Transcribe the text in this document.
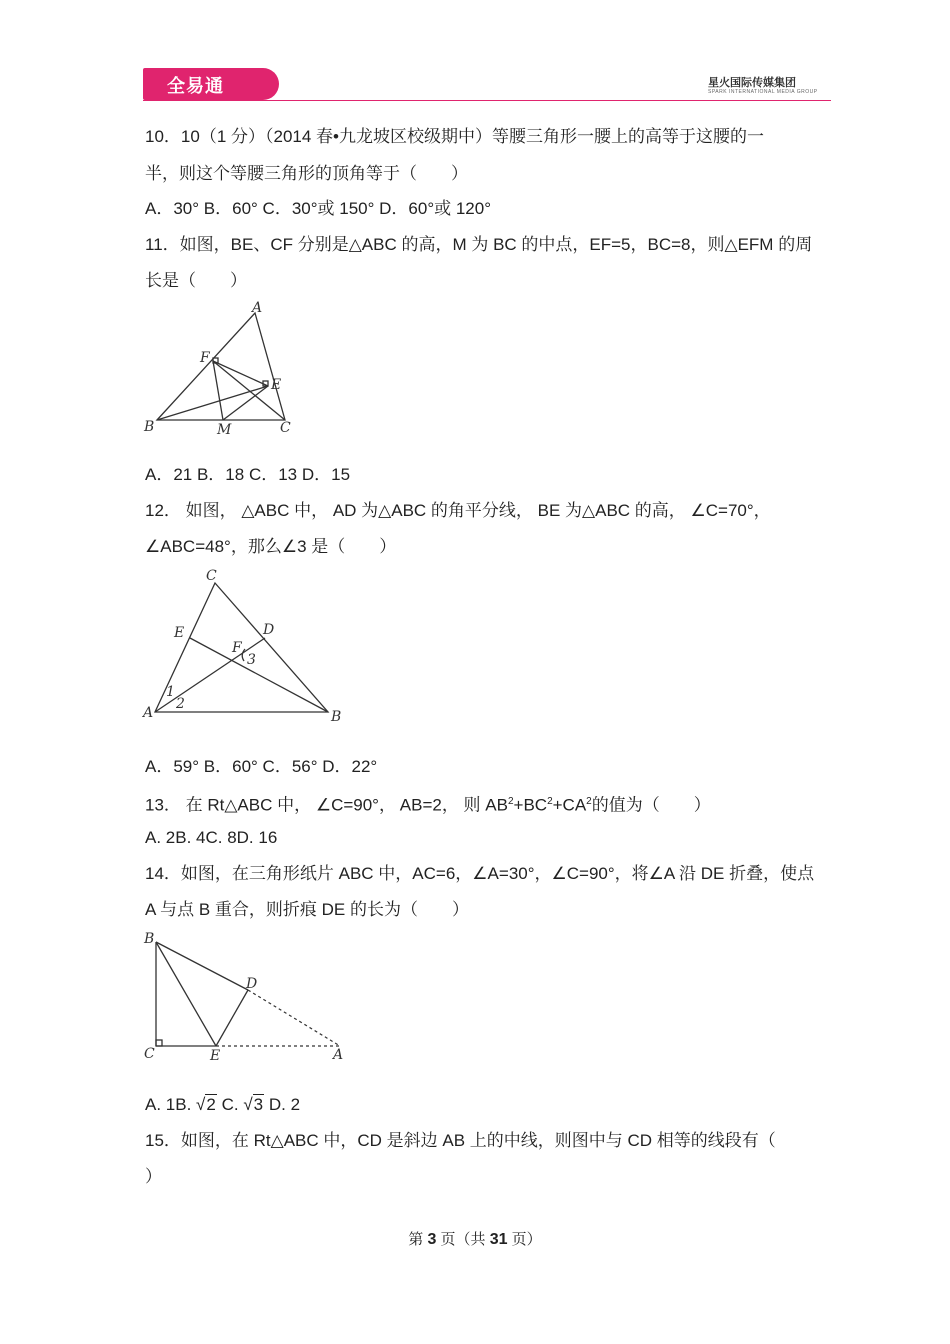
全易通	星火国际传媒集团
SPARK INTERNATIONAL MEDIA GROUP
10．10（1 分）（2014 春•九龙坡区校级期中）等腰三角形一腰上的高等于这腰的一
半，则这个等腰三角形的顶角等于（　　）
A．30° B．60° C．30°或 150° D．60°或 120°
11．如图，BE、CF 分别是△ABC 的高，M 为 BC 的中点，EF=5，BC=8，则△EFM 的周
长是（　　）
A
F
E
B	M	C
A．21 B．18 C．13 D．15
12． 如图， △ABC 中， AD 为△ABC 的角平分线， BE 为△ABC 的高， ∠C=70°，
∠ABC=48°，那么∠3 是（　　）
C
E	D
F
3
1
2
A	B
A．59° B．60° C．56° D．22°
13． 在 Rt△ABC 中， ∠C=90°， AB=2， 则 $AB^2+BC^2+CA^2$的值为（　　）
A. 2B. 4C. 8D. 16
14．如图，在三角形纸片 ABC 中，AC=6，∠A=30°，∠C=90°，将∠A 沿 DE 折叠，使点
A 与点 B 重合，则折痕 DE 的长为（　　）
B
D
C	E	A
A. 1B. √2 C. √3 D. 2
15．如图，在 Rt△ABC 中，CD 是斜边 AB 上的中线，则图中与 CD 相等的线段有（
）
第 3 页（共 31 页）
